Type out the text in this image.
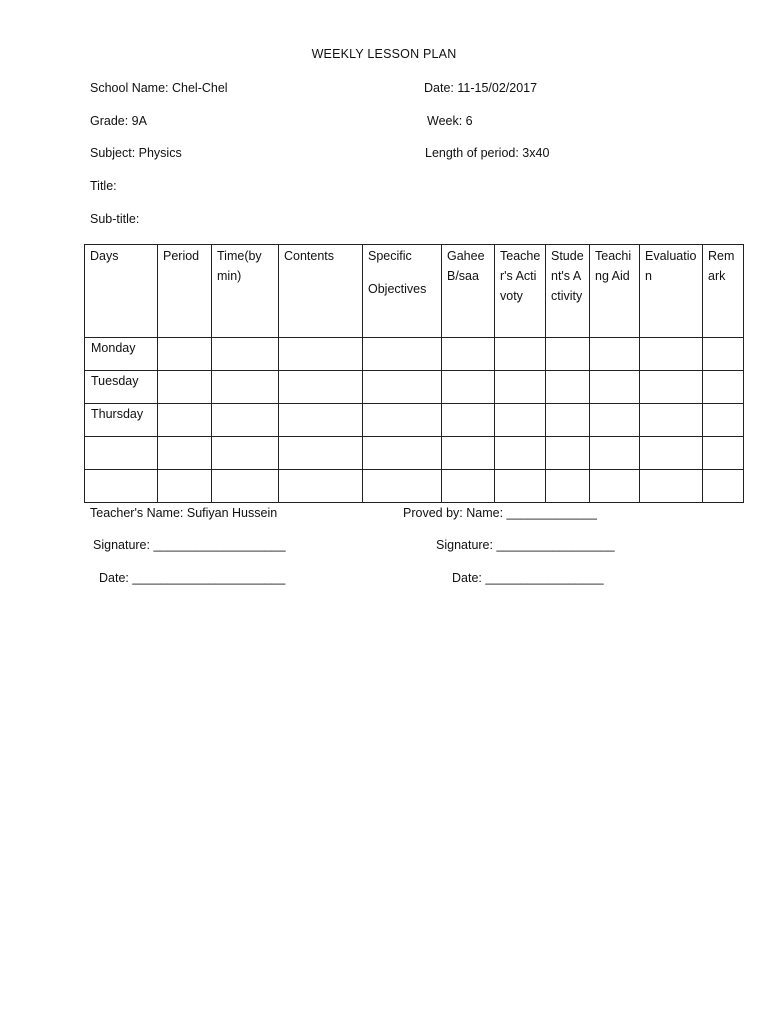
WEEKLY LESSON PLAN
School Name: Chel-Chel	Date: 11-15/02/2017
Grade: 9A	Week: 6
Subject: Physics	Length of period: 3x40
Title:
Sub-title:
Days	Period	Time(by min)	Contents	Specific Objectives	Gahee B/saa	Teacher's Activoty	Student's Activity	Teaching Aid	Evaluation	Remark

Monday										

Tuesday										

Thursday										

Teacher's Name: Sufiyan Hussein	Proved by: Name: _____________
Signature: ___________________	Signature: _________________
Date: ______________________	Date: _________________
